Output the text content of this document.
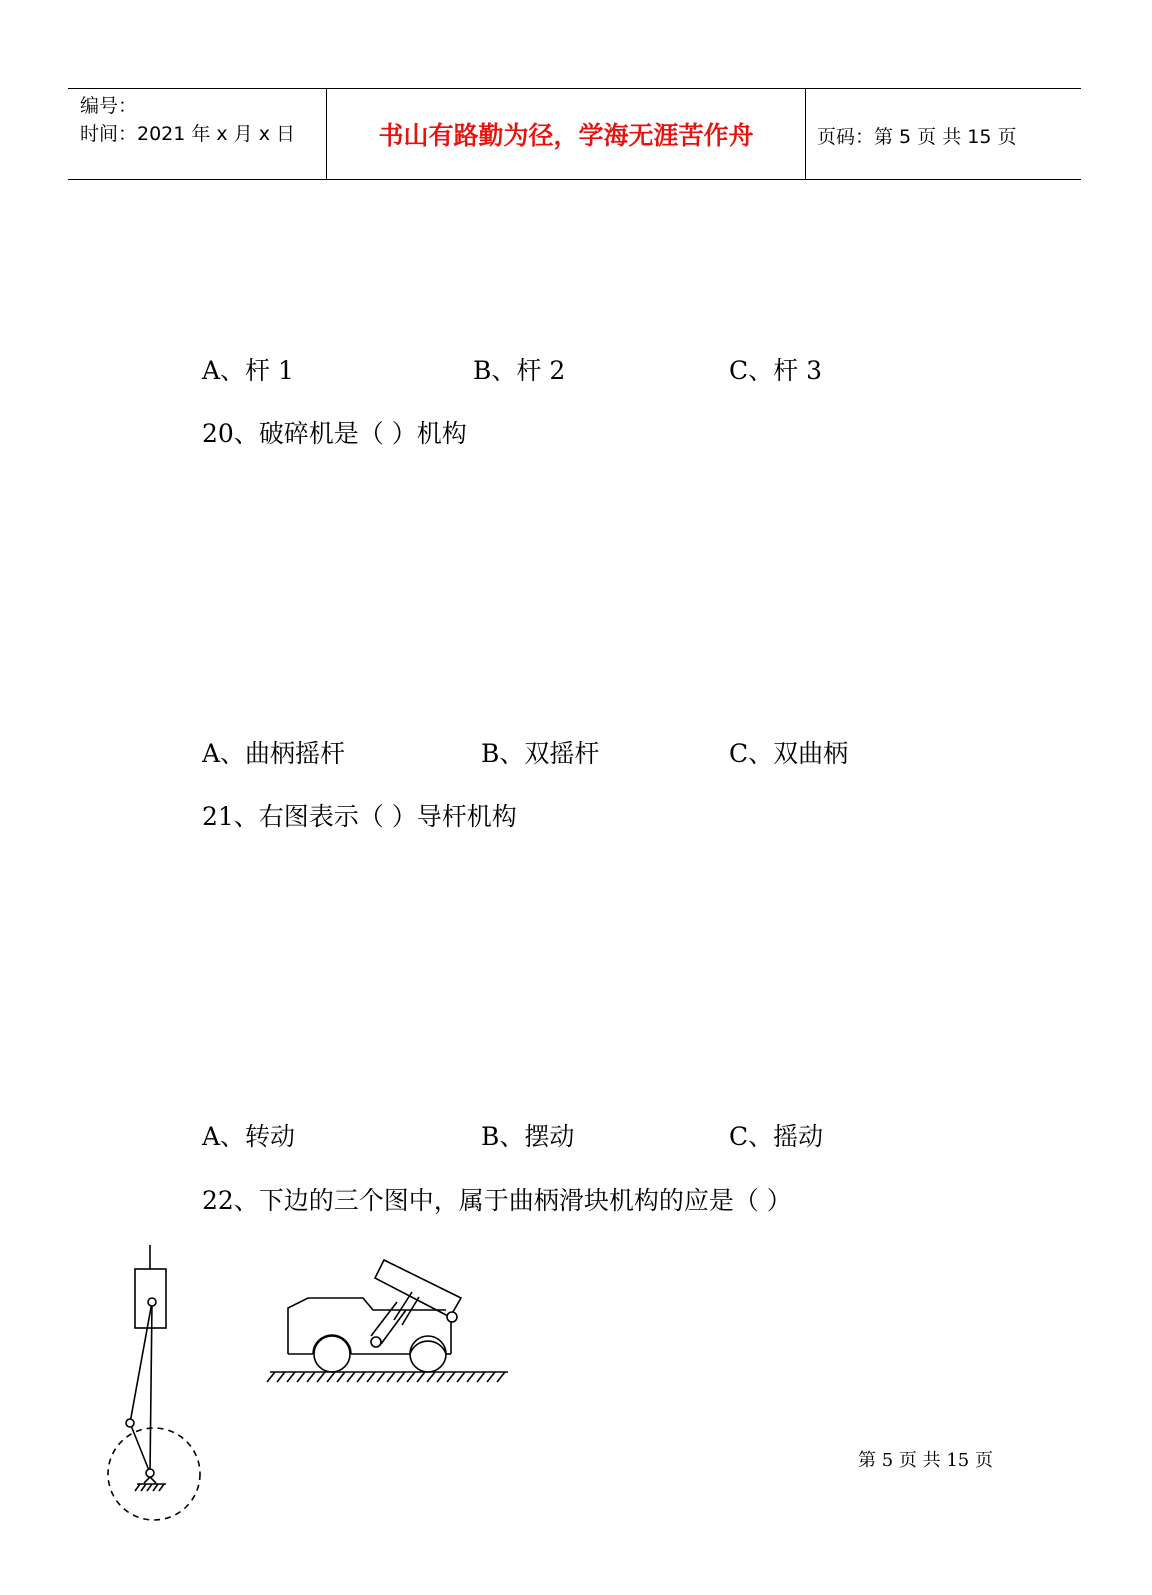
编号：
时间：2021 年 x 月 x 日	书山有路勤为径，学海无涯苦作舟	页码：第 5 页 共 15 页
A、杆 1	B、杆 2	C、杆 3
20、破碎机是（ ）机构
A、曲柄摇杆	B、双摇杆	C、双曲柄
21、右图表示（ ）导杆机构
A、转动	B、摆动	C、摇动
22、下边的三个图中，属于曲柄滑块机构的应是（ ）
第 5 页 共 15 页
